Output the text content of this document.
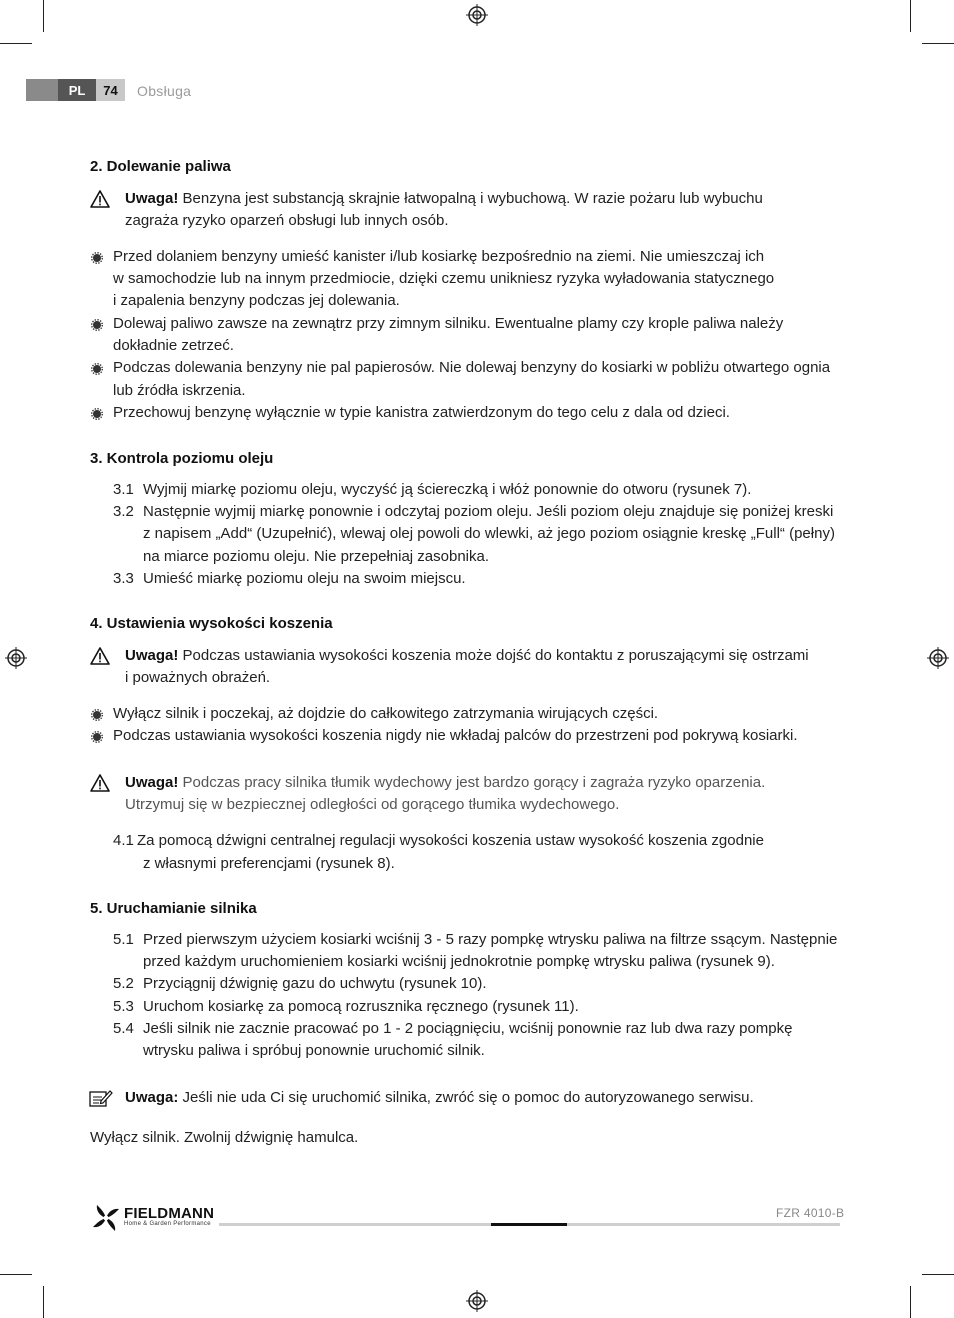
PL	74	Obsługa
2. Dolewanie paliwa
Uwaga! Benzyna jest substancją skrajnie łatwopalną i wybuchową. W razie pożaru lub wybuchu
zagraża ryzyko oparzeń obsługi lub innych osób.
Przed dolaniem benzyny umieść kanister i/lub kosiarkę bezpośrednio na ziemi. Nie umieszczaj ich
w samochodzie lub na innym przedmiocie, dzięki czemu unikniesz ryzyka wyładowania statycznego
i zapalenia benzyny podczas jej dolewania.
Dolewaj paliwo zawsze na zewnątrz przy zimnym silniku. Ewentualne plamy czy krople paliwa należy
dokładnie zetrzeć.
Podczas dolewania benzyny nie pal papierosów. Nie dolewaj benzyny do kosiarki w pobliżu otwartego ognia
lub źródła iskrzenia.
Przechowuj benzynę wyłącznie w typie kanistra zatwierdzonym do tego celu z dala od dzieci.
3. Kontrola poziomu oleju
3.1 Wyjmij miarkę poziomu oleju, wyczyść ją ściereczką i włóż ponownie do otworu (rysunek 7).
3.2 Następnie wyjmij miarkę ponownie i odczytaj poziom oleju. Jeśli poziom oleju znajduje się poniżej kreski
z napisem „Add“ (Uzupełnić), wlewaj olej powoli do wlewki, aż jego poziom osiągnie kreskę „Full“ (pełny)
na miarce poziomu oleju. Nie przepełniaj zasobnika.
3.3 Umieść miarkę poziomu oleju na swoim miejscu.
4. Ustawienia wysokości koszenia
Uwaga! Podczas ustawiania wysokości koszenia może dojść do kontaktu z poruszającymi się ostrzami
i poważnych obrażeń.
Wyłącz silnik i poczekaj, aż dojdzie do całkowitego zatrzymania wirujących części.
Podczas ustawiania wysokości koszenia nigdy nie wkładaj palców do przestrzeni pod pokrywą kosiarki.
Uwaga! Podczas pracy silnika tłumik wydechowy jest bardzo gorący i zagraża ryzyko oparzenia.
Utrzymuj się w bezpiecznej odległości od gorącego tłumika wydechowego.
4.1 Za pomocą dźwigni centralnej regulacji wysokości koszenia ustaw wysokość koszenia zgodnie
z własnymi preferencjami (rysunek 8).
5. Uruchamianie silnika
5.1 Przed pierwszym użyciem kosiarki wciśnij 3 - 5 razy pompkę wtrysku paliwa na filtrze ssącym. Następnie
przed każdym uruchomieniem kosiarki wciśnij jednokrotnie pompkę wtrysku paliwa (rysunek 9).
5.2 Przyciągnij dźwignię gazu do uchwytu (rysunek 10).
5.3 Uruchom kosiarkę za pomocą rozrusznika ręcznego (rysunek 11).
5.4 Jeśli silnik nie zacznie pracować po 1 - 2 pociągnięciu, wciśnij ponownie raz lub dwa razy pompkę
wtrysku paliwa i spróbuj ponownie uruchomić silnik.
Uwaga: Jeśli nie uda Ci się uruchomić silnika, zwróć się o pomoc do autoryzowanego serwisu.
Wyłącz silnik. Zwolnij dźwignię hamulca.
FIELDMANN
Home & Garden Performance
FZR 4010-B
